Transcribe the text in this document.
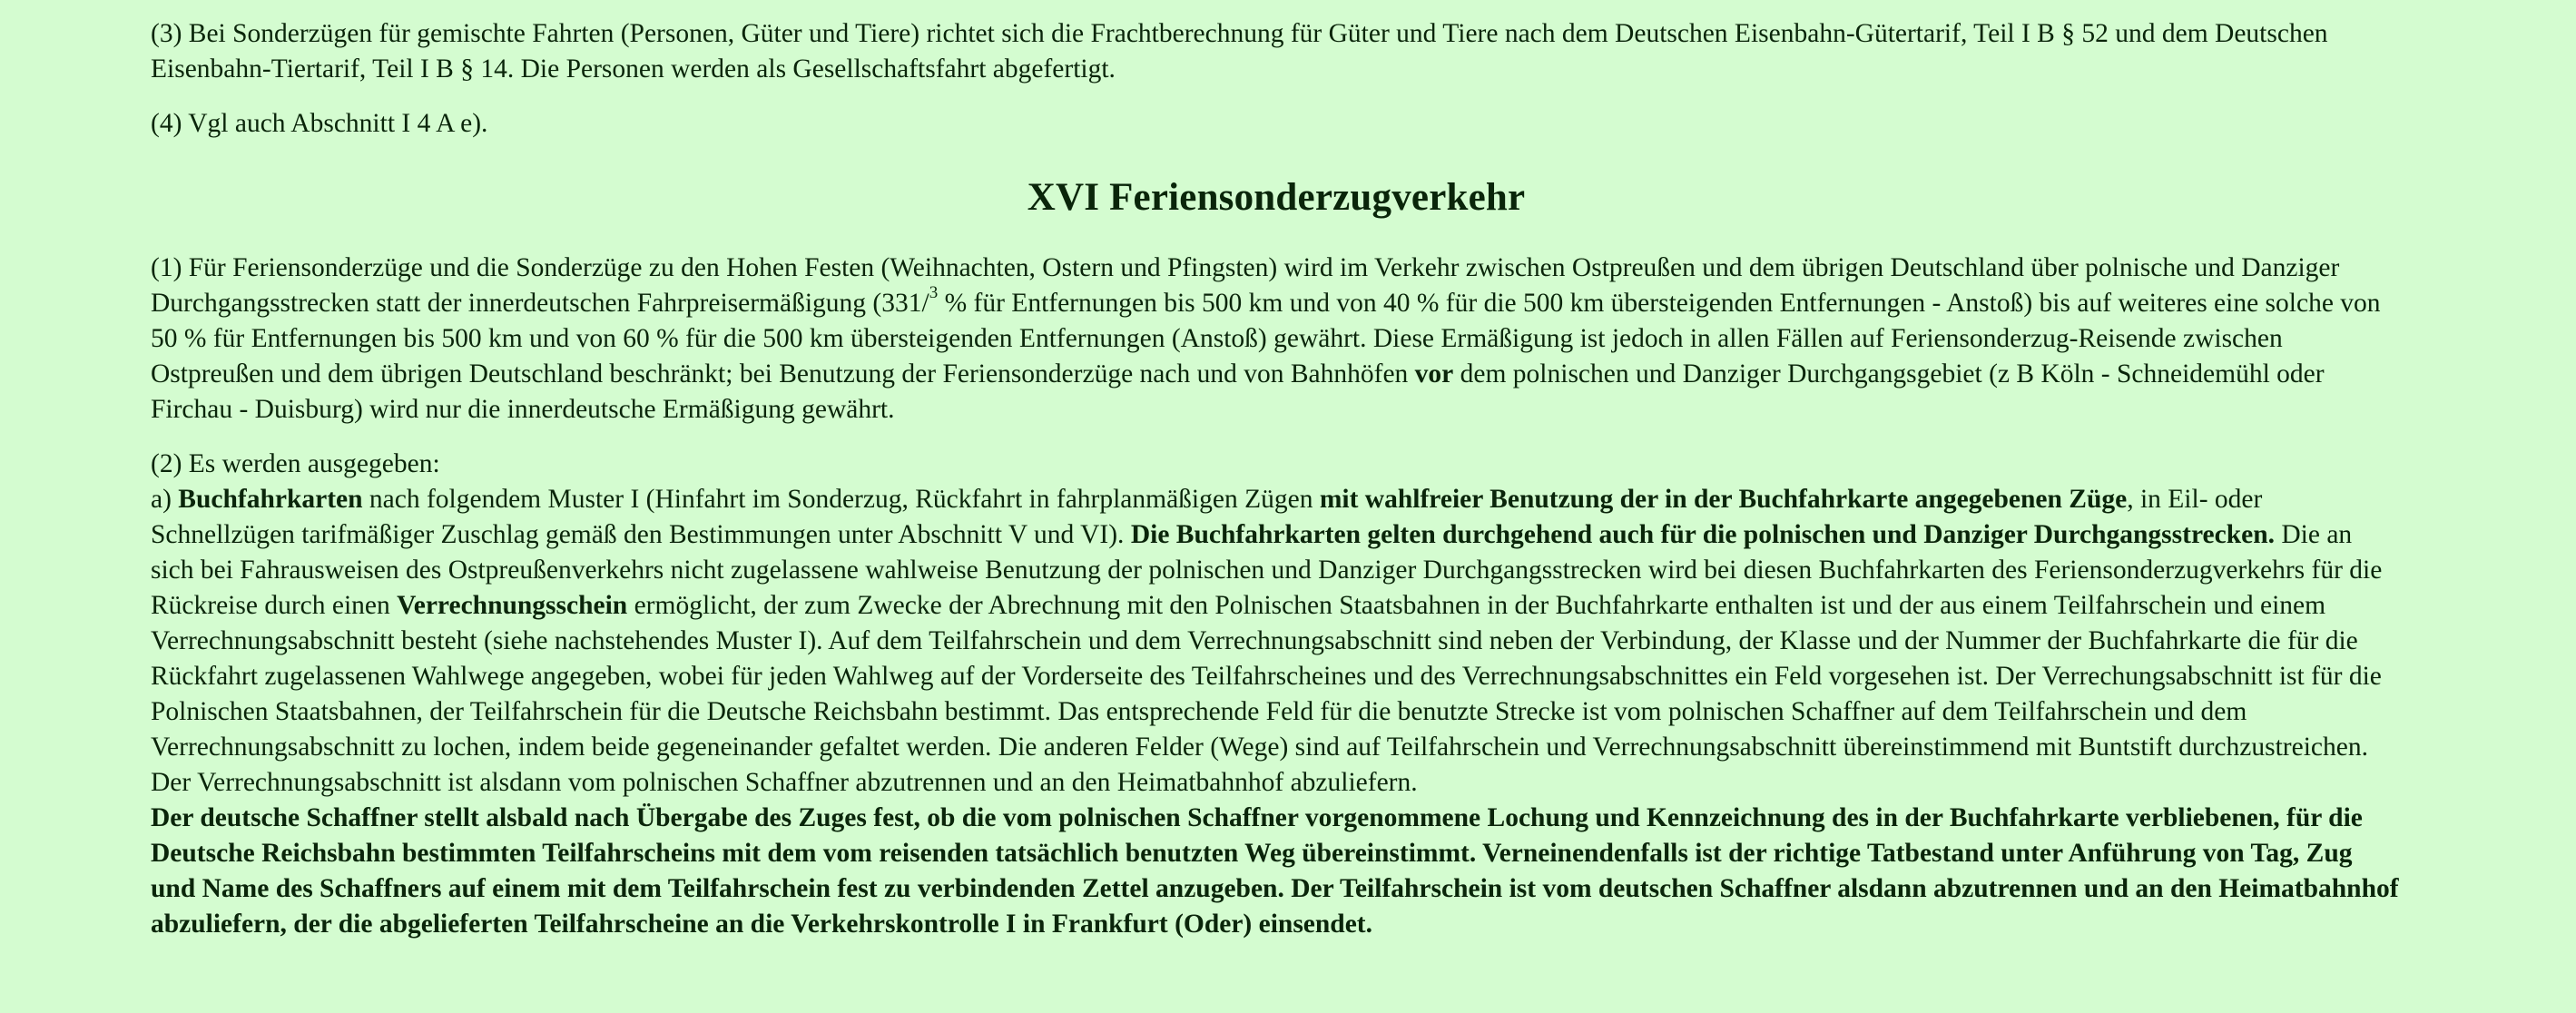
(3) Bei Sonderzügen für gemischte Fahrten (Personen, Güter und Tiere) richtet sich die Frachtberechnung für Güter und Tiere nach dem Deutschen Eisenbahn-Gütertarif, Teil I B § 52 und dem Deutschen Eisenbahn-Tiertarif, Teil I B § 14. Die Personen werden als Gesellschaftsfahrt abgefertigt.

(4) Vgl auch Abschnitt I 4 A e).

XVI Feriensonderzugverkehr

(1) Für Feriensonderzüge und die Sonderzüge zu den Hohen Festen (Weihnachten, Ostern und Pfingsten) wird im Verkehr zwischen Ostpreußen und dem übrigen Deutschland über polnische und Danziger Durchgangsstrecken statt der innerdeutschen Fahrpreisermäßigung (331/$^3$ % für Entfernungen bis 500 km und von 40 % für die 500 km übersteigenden Entfernungen - Anstoß) bis auf weiteres eine solche von 50 % für Entfernungen bis 500 km und von 60 % für die 500 km übersteigenden Entfernungen (Anstoß) gewährt. Diese Ermäßigung ist jedoch in allen Fällen auf Feriensonderzug-Reisende zwischen Ostpreußen und dem übrigen Deutschland beschränkt; bei Benutzung der Feriensonderzüge nach und von Bahnhöfen vor dem polnischen und Danziger Durchgangsgebiet (z B Köln - Schneidemühl oder Firchau - Duisburg) wird nur die innerdeutsche Ermäßigung gewährt.

(2) Es werden ausgegeben:

a) Buchfahrkarten nach folgendem Muster I (Hinfahrt im Sonderzug, Rückfahrt in fahrplanmäßigen Zügen mit wahlfreier Benutzung der in der Buchfahrkarte angegebenen Züge, in Eil- oder Schnellzügen tarifmäßiger Zuschlag gemäß den Bestimmungen unter Abschnitt V und VI). Die Buchfahrkarten gelten durchgehend auch für die polnischen und Danziger Durchgangsstrecken. Die an sich bei Fahrausweisen des Ostpreußenverkehrs nicht zugelassene wahlweise Benutzung der polnischen und Danziger Durchgangsstrecken wird bei diesen Buchfahrkarten des Feriensonderzugverkehrs für die Rückreise durch einen Verrechnungsschein ermöglicht, der zum Zwecke der Abrechnung mit den Polnischen Staatsbahnen in der Buchfahrkarte enthalten ist und der aus einem Teilfahrschein und einem Verrechnungsabschnitt besteht (siehe nachstehendes Muster I). Auf dem Teilfahrschein und dem Verrechnungsabschnitt sind neben der Verbindung, der Klasse und der Nummer der Buchfahrkarte die für die Rückfahrt zugelassenen Wahlwege angegeben, wobei für jeden Wahlweg auf der Vorderseite des Teilfahrscheines und des Verrechnungsabschnittes ein Feld vorgesehen ist. Der Verrechungsabschnitt ist für die Polnischen Staatsbahnen, der Teilfahrschein für die Deutsche Reichsbahn bestimmt. Das entsprechende Feld für die benutzte Strecke ist vom polnischen Schaffner auf dem Teilfahrschein und dem Verrechnungsabschnitt zu lochen, indem beide gegeneinander gefaltet werden. Die anderen Felder (Wege) sind auf Teilfahrschein und Verrechnungsabschnitt übereinstimmend mit Buntstift durchzustreichen. Der Verrechnungsabschnitt ist alsdann vom polnischen Schaffner abzutrennen und an den Heimatbahnhof abzuliefern.

Der deutsche Schaffner stellt alsbald nach Übergabe des Zuges fest, ob die vom polnischen Schaffner vorgenommene Lochung und Kennzeichnung des in der Buchfahrkarte verbliebenen, für die Deutsche Reichsbahn bestimmten Teilfahrscheins mit dem vom reisenden tatsächlich benutzten Weg übereinstimmt. Verneinendenfalls ist der richtige Tatbestand unter Anführung von Tag, Zug und Name des Schaffners auf einem mit dem Teilfahrschein fest zu verbindenden Zettel anzugeben. Der Teilfahrschein ist vom deutschen Schaffner alsdann abzutrennen und an den Heimatbahnhof abzuliefern, der die abgelieferten Teilfahrscheine an die Verkehrskontrolle I in Frankfurt (Oder) einsendet.
